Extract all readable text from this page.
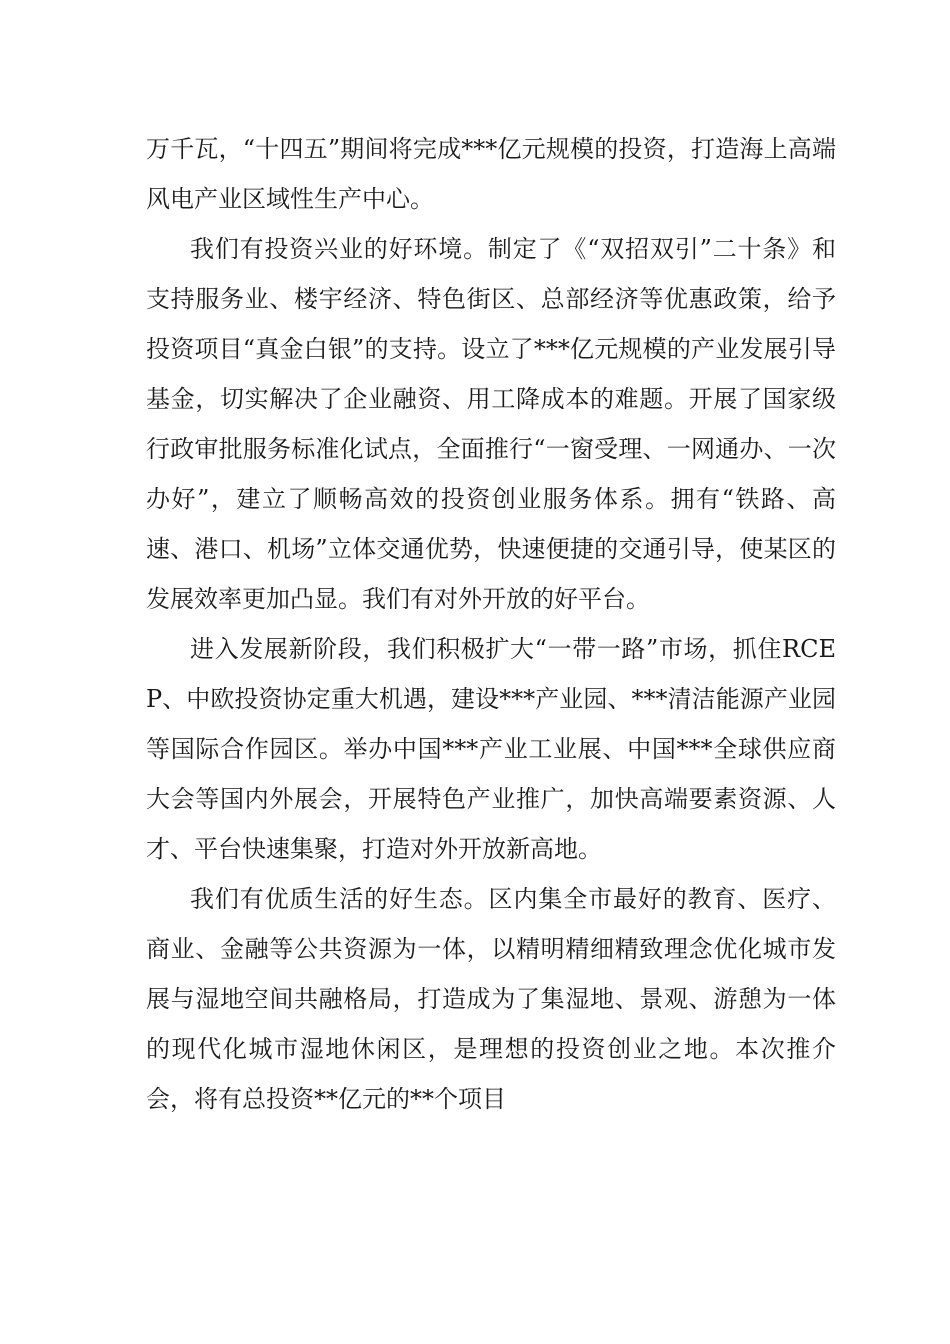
万千瓦，“十四五”期间将完成***亿元规模的投资，打造海上高端风电产业区域性生产中心。

我们有投资兴业的好环境。制定了《“双招双引”二十条》和支持服务业、楼宇经济、特色街区、总部经济等优惠政策，给予投资项目“真金白银”的支持。设立了***亿元规模的产业发展引导基金，切实解决了企业融资、用工降成本的难题。开展了国家级行政审批服务标准化试点，全面推行“一窗受理、一网通办、一次办好”，建立了顺畅高效的投资创业服务体系。拥有“铁路、高速、港口、机场”立体交通优势，快速便捷的交通引导，使某区的发展效率更加凸显。我们有对外开放的好平台。

进入发展新阶段，我们积极扩大“一带一路”市场，抓住RCEP、中欧投资协定重大机遇，建设***产业园、***清洁能源产业园等国际合作园区。举办中国***产业工业展、中国***全球供应商大会等国内外展会，开展特色产业推广，加快高端要素资源、人才、平台快速集聚，打造对外开放新高地。

我们有优质生活的好生态。区内集全市最好的教育、医疗、商业、金融等公共资源为一体，以精明精细精致理念优化城市发展与湿地空间共融格局，打造成为了集湿地、景观、游憩为一体的现代化城市湿地休闲区，是理想的投资创业之地。本次推介会，将有总投资**亿元的**个项目
